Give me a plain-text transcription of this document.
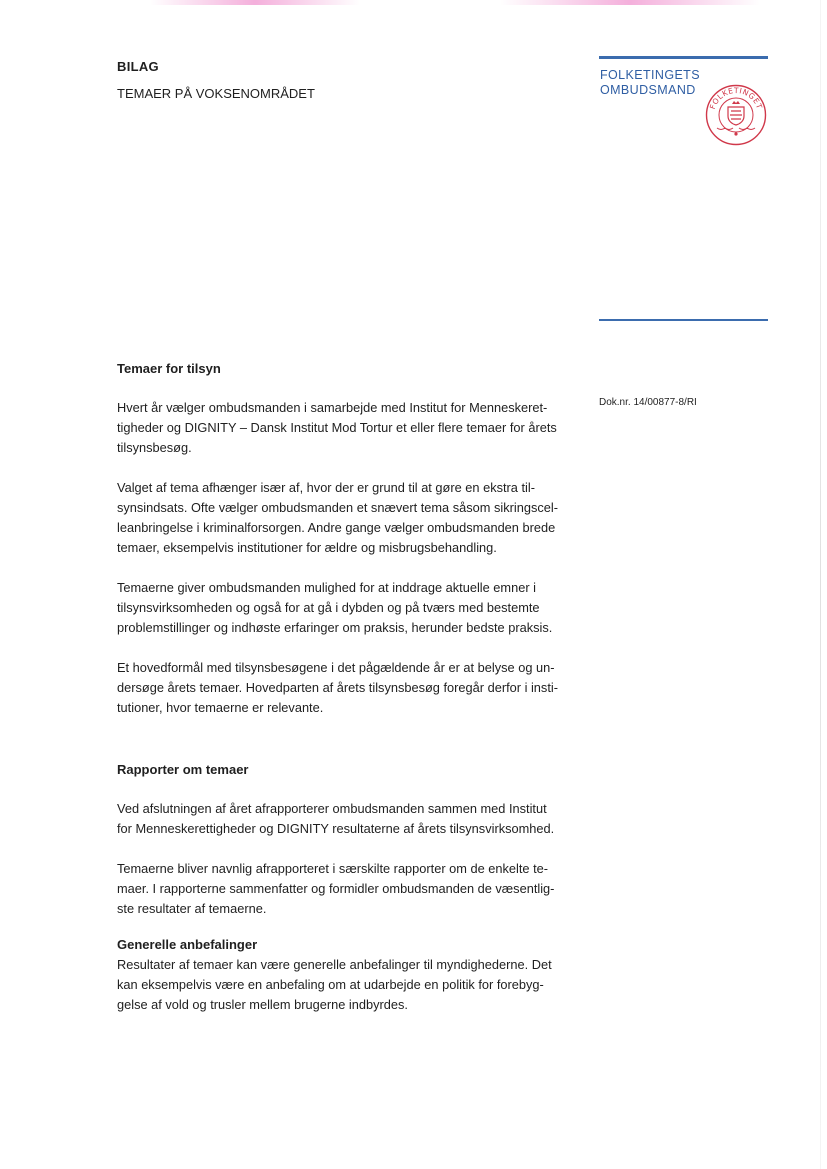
BILAG
TEMAER PÅ VOKSENOMRÅDET
FOLKETINGETS
OMBUDSMAND
FOLKETINGET
Dok.nr. 14/00877-8/RI
Temaer for tilsyn

Hvert år vælger ombudsmanden i samarbejde med Institut for Menneskeret-
tigheder og DIGNITY – Dansk Institut Mod Tortur et eller flere temaer for årets
tilsynsbesøg.

Valget af tema afhænger især af, hvor der er grund til at gøre en ekstra til-
synsindsats. Ofte vælger ombudsmanden et snævert tema såsom sikringscel-
leanbringelse i kriminalforsorgen. Andre gange vælger ombudsmanden brede
temaer, eksempelvis institutioner for ældre og misbrugsbehandling.

Temaerne giver ombudsmanden mulighed for at inddrage aktuelle emner i
tilsynsvirksomheden og også for at gå i dybden og på tværs med bestemte
problemstillinger og indhøste erfaringer om praksis, herunder bedste praksis.

Et hovedformål med tilsynsbesøgene i det pågældende år er at belyse og un-
dersøge årets temaer. Hovedparten af årets tilsynsbesøg foregår derfor i insti-
tutioner, hvor temaerne er relevante.

Rapporter om temaer

Ved afslutningen af året afrapporterer ombudsmanden sammen med Institut
for Menneskerettigheder og DIGNITY resultaterne af årets tilsynsvirksomhed.

Temaerne bliver navnlig afrapporteret i særskilte rapporter om de enkelte te-
maer. I rapporterne sammenfatter og formidler ombudsmanden de væsentlig-
ste resultater af temaerne.

Generelle anbefalinger

Resultater af temaer kan være generelle anbefalinger til myndighederne. Det
kan eksempelvis være en anbefaling om at udarbejde en politik for forebyg-
gelse af vold og trusler mellem brugerne indbyrdes.
